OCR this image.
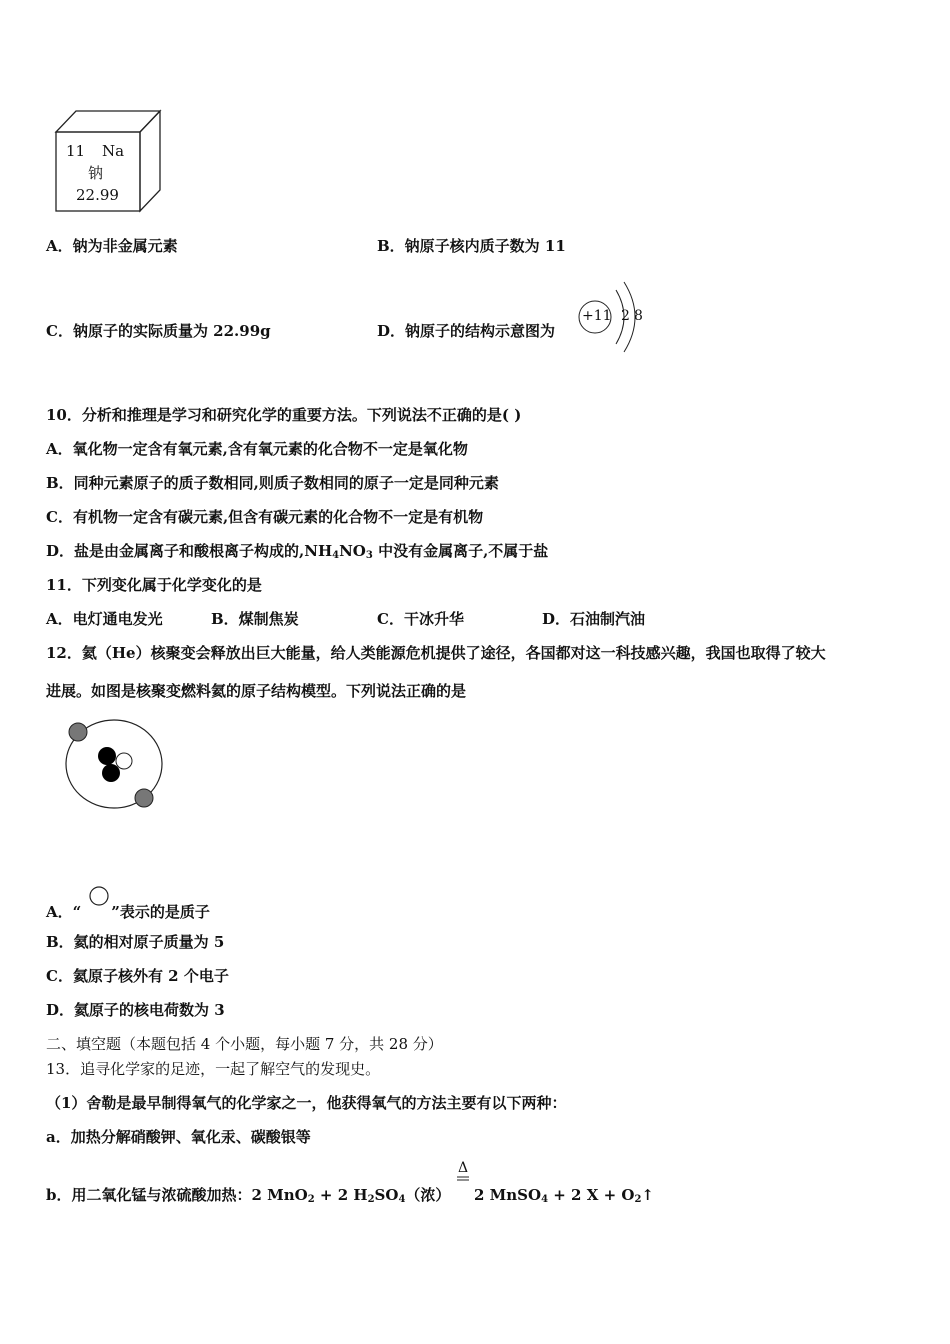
11 Na
钠
22.99
A．钠为非金属元素	B．钠原子核内质子数为 11
C．钠原子的实际质量为 22.99g	D．钠原子的结构示意图为
+11 2 8
10．分析和推理是学习和研究化学的重要方法。下列说法不正确的是( )
A．氧化物一定含有氧元素,含有氧元素的化合物不一定是氧化物
B．同种元素原子的质子数相同,则质子数相同的原子一定是同种元素
C．有机物一定含有碳元素,但含有碳元素的化合物不一定是有机物
D．盐是由金属离子和酸根离子构成的$,NH_4NO_3$ 中没有金属离子,不属于盐
11．下列变化属于化学变化的是
A．电灯通电发光	B．煤制焦炭	C．干冰升华	D．石油制汽油
12．氦（He）核聚变会释放出巨大能量，给人类能源危机提供了途径，各国都对这一科技感兴趣，我国也取得了较大
进展。如图是核聚变燃料氦的原子结构模型。下列说法正确的是
A．“ ”表示的是质子
B．氦的相对原子质量为 5
C．氦原子核外有 2 个电子
D．氦原子的核电荷数为 3
二、填空题（本题包括 4 个小题，每小题 7 分，共 28 分）
13．追寻化学家的足迹，一起了解空气的发现史。
（1）舍勒是最早制得氧气的化学家之一，他获得氧气的方法主要有以下两种：
a．加热分解硝酸钾、氧化汞、碳酸银等
b．用二氧化锰与浓硫酸加热：2 MnO$_2$ + 2 $H_2SO_4$（浓）
Δ
2 MnSO$_4$ + 2 $X + O_2↑$
